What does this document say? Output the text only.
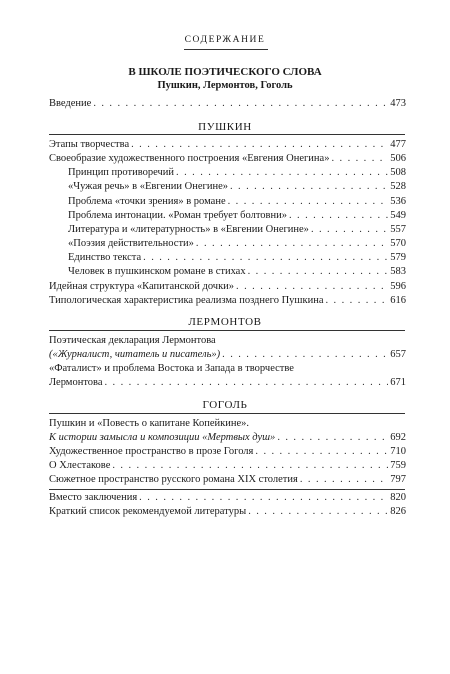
СОДЕРЖАНИЕ
В ШКОЛЕ ПОЭТИЧЕСКОГО СЛОВА
Пушкин, Лермонтов, Гоголь
Введение . . .	473
ПУШКИН
Этапы творчества . . .	477
Своеобразие художественного построения «Евгения Онегина» . . .	506
Принцип противоречий . . .	508
«Чужая речь» в «Евгении Онегине» . . .	528
Проблема «точки зрения» в романе . . .	536
Проблема интонации. «Роман требует болтовни» . . .	549
Литература и «литературность» в «Евгении Онегине» . . .	557
«Поэзия действительности» . . .	570
Единство текста . . .	579
Человек в пушкинском романе в стихах . . .	583
Идейная структура «Капитанской дочки» . . .	596
Типологическая характеристика реализма позднего Пушкина . . .	616
ЛЕРМОНТОВ
Поэтическая декларация Лермонтова
(«Журналист, читатель и писатель») . . .	657
«Фаталист» и проблема Востока и Запада в творчестве
Лермонтова . . .	671
ГОГОЛЬ
Пушкин и «Повесть о капитане Копейкине».
К истории замысла и композиции «Мертвых душ» . . .	692
Художественное пространство в прозе Гоголя . . .	710
О Хлестакове . . .	759
Сюжетное пространство русского романа XIX столетия . . .	797
Вместо заключения . . .	820
Краткий список рекомендуемой литературы . . .	826
